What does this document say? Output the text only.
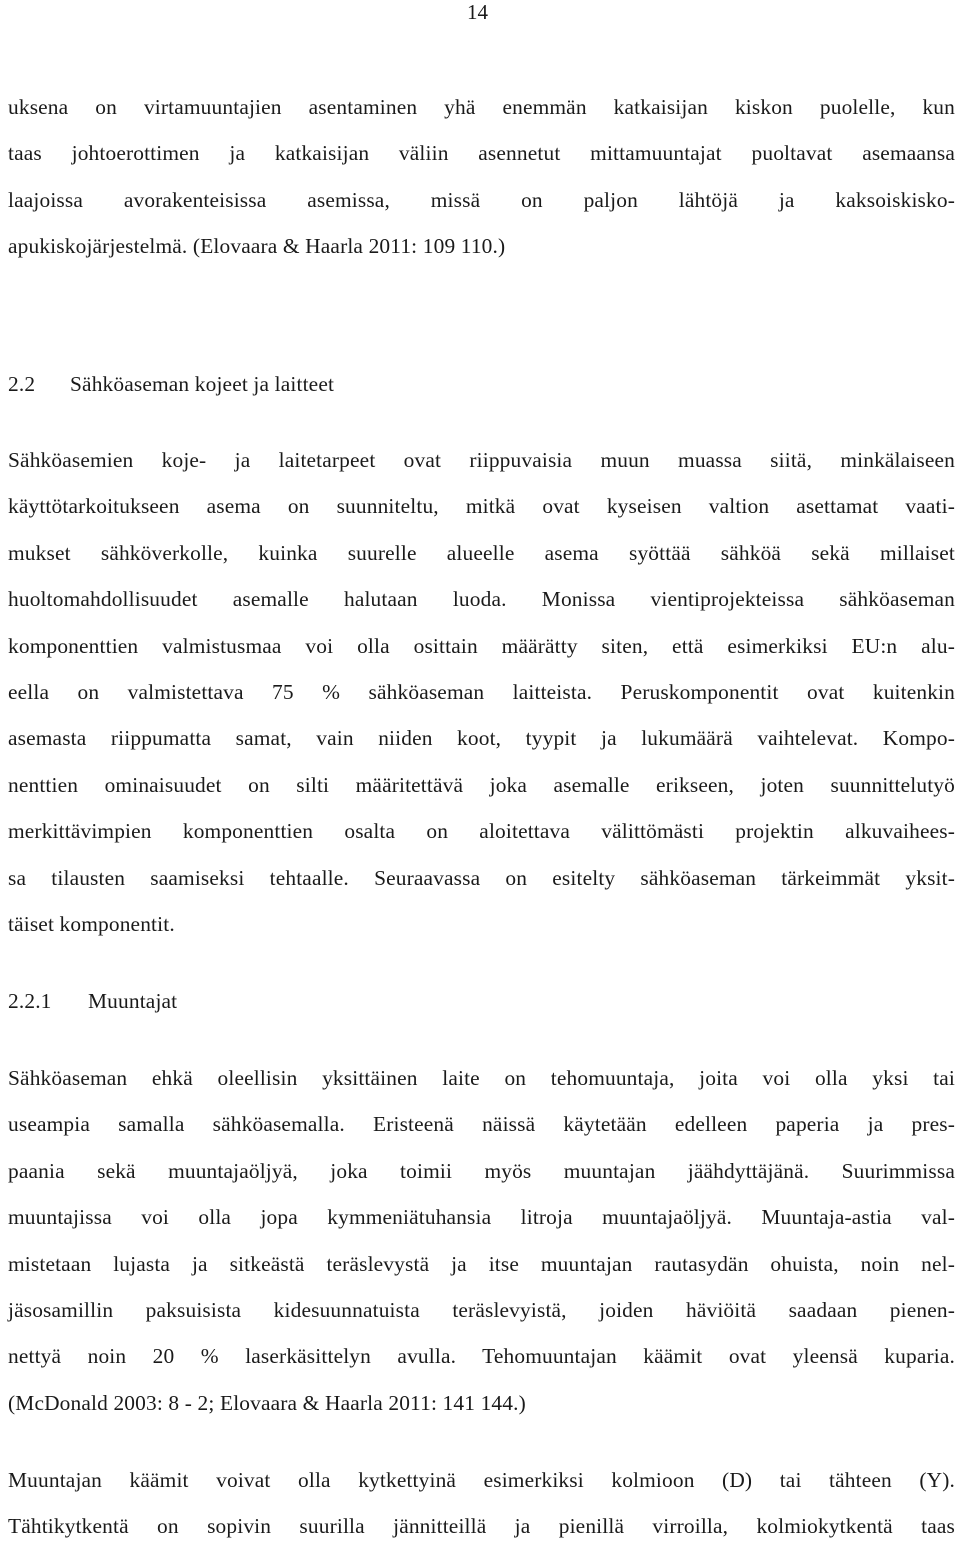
14

uksena on virtamuuntajien asentaminen yhä enemmän katkaisijan kiskon puolelle, kun
taas johtoerottimen ja katkaisijan väliin asennetut mittamuuntajat puoltavat asemaansa
laajoissa avorakenteisissa asemissa, missä on paljon lähtöjä ja kaksoiskisko-
apukiskojärjestelmä. (Elovaara & Haarla 2011: 109 110.)
2.2 Sähköaseman kojeet ja laitteet
Sähköasemien koje- ja laitetarpeet ovat riippuvaisia muun muassa siitä, minkälaiseen
käyttötarkoitukseen asema on suunniteltu, mitkä ovat kyseisen valtion asettamat vaati-
mukset sähköverkolle, kuinka suurelle alueelle asema syöttää sähköä sekä millaiset
huoltomahdollisuudet asemalle halutaan luoda. Monissa vientiprojekteissa sähköaseman
komponenttien valmistusmaa voi olla osittain määrätty siten, että esimerkiksi EU:n alu-
eella on valmistettava 75 % sähköaseman laitteista. Peruskomponentit ovat kuitenkin
asemasta riippumatta samat, vain niiden koot, tyypit ja lukumäärä vaihtelevat. Kompo-
nenttien ominaisuudet on silti määritettävä joka asemalle erikseen, joten suunnittelutyö
merkittävimpien komponenttien osalta on aloitettava välittömästi projektin alkuvaihees-
sa tilausten saamiseksi tehtaalle. Seuraavassa on esitelty sähköaseman tärkeimmät yksit-
täiset komponentit.
2.2.1 Muuntajat
Sähköaseman ehkä oleellisin yksittäinen laite on tehomuuntaja, joita voi olla yksi tai
useampia samalla sähköasemalla. Eristeenä näissä käytetään edelleen paperia ja pres-
paania sekä muuntajaöljyä, joka toimii myös muuntajan jäähdyttäjänä. Suurimmissa
muuntajissa voi olla jopa kymmeniätuhansia litroja muuntajaöljyä. Muuntaja-astia val-
mistetaan lujasta ja sitkeästä teräslevystä ja itse muuntajan rautasydän ohuista, noin nel-
jäsosamillin paksuisista kidesuunnatuista teräslevyistä, joiden häviöitä saadaan pienen-
nettyä noin 20 % laserkäsittelyn avulla. Tehomuuntajan käämit ovat yleensä kuparia.
(McDonald 2003: 8 - 2; Elovaara & Haarla 2011: 141 144.)
Muuntajan käämit voivat olla kytkettyinä esimerkiksi kolmioon (D) tai tähteen (Y).
Tähtikytkentä on sopivin suurilla jännitteillä ja pienillä virroilla, kolmiokytkentä taas
